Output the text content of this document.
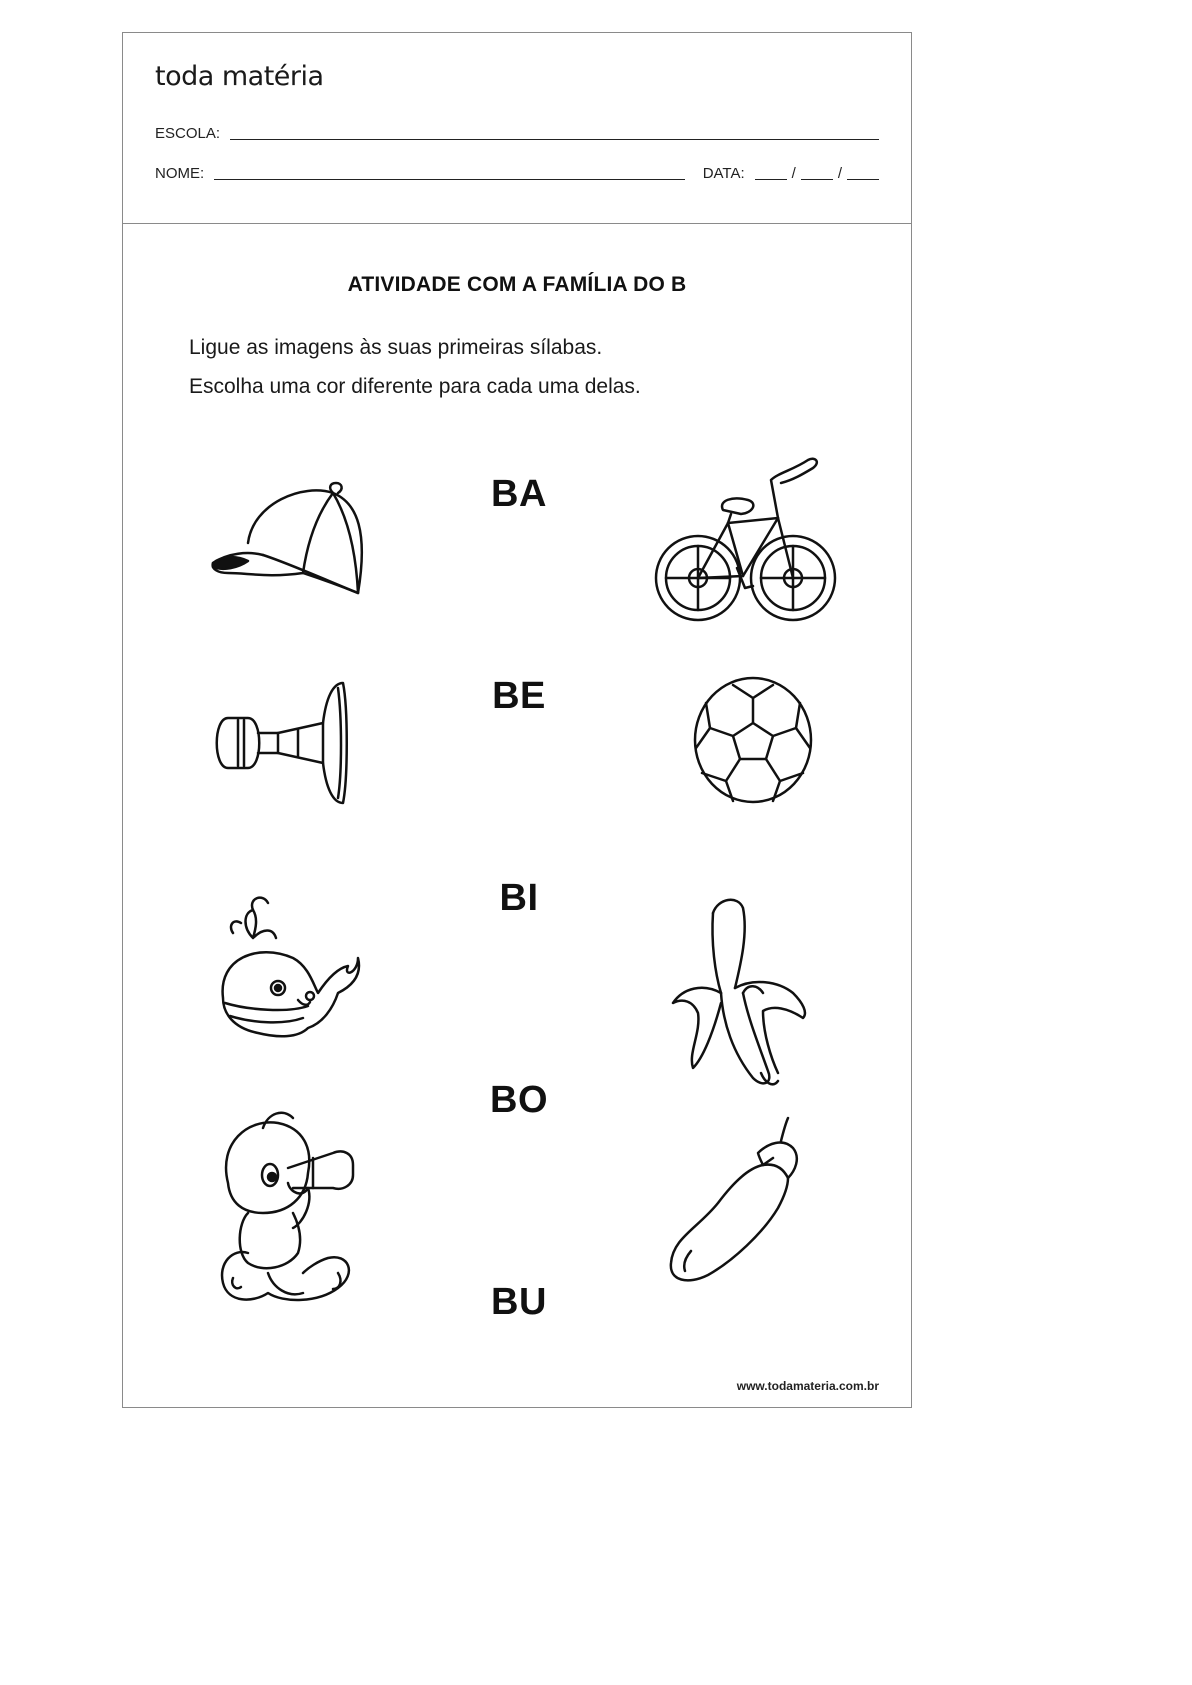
toda matéria
ESCOLA:
NOME:	DATA:	/	/
ATIVIDADE COM A FAMÍLIA DO B
Ligue as imagens às suas primeiras sílabas.
Escolha uma cor diferente para cada uma delas.
BA
BE
BI
BO
BU
www.todamateria.com.br
